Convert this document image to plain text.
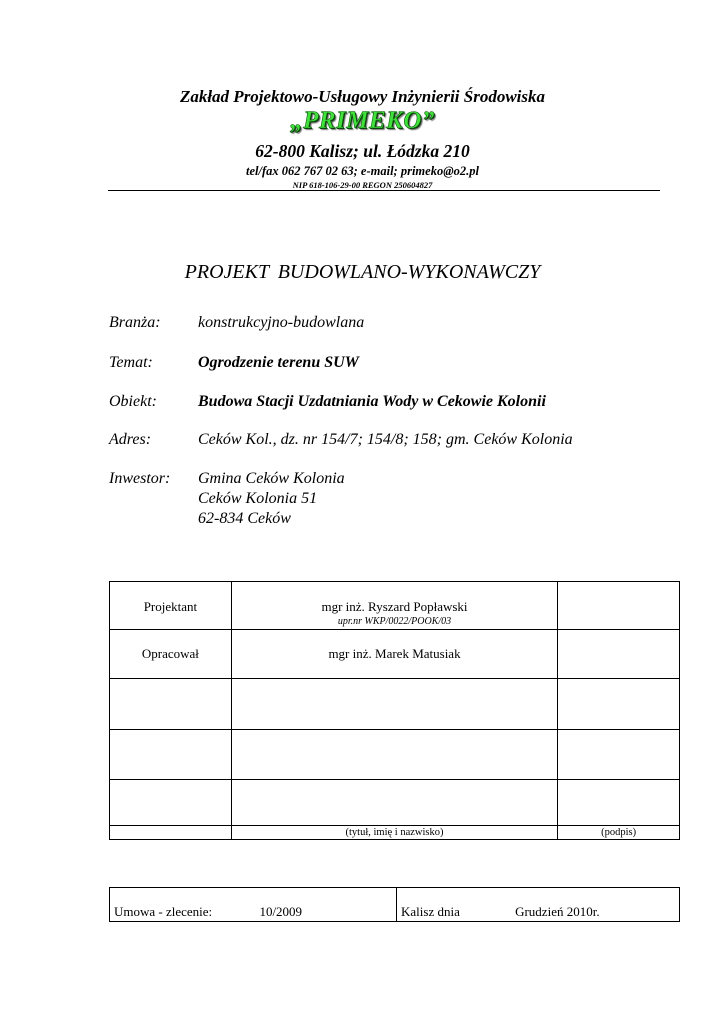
Zakład Projektowo-Usługowy Inżynierii Środowiska
„PRIMEKO”
62-800 Kalisz; ul. Łódzka 210
tel/fax 062 767 02 63; e-mail; primeko@o2.pl
NIP 618-106-29-00 REGON 250604827
PROJEKT BUDOWLANO-WYKONAWCZY
Branża: konstrukcyjno-budowlana
Temat:	Ogrodzenie terenu SUW
Obiekt:	Budowa Stacji Uzdatniania Wody w Cekowie Kolonii
Adres:	Ceków Kol., dz. nr 154/7; 154/8; 158; gm. Ceków Kolonia
Inwestor: Gmina Ceków Kolonia
Ceków Kolonia 51
62-834 Ceków
Projektant	mgr inż. Ryszard Popławski
upr.nr WKP/0022/POOK/03	

Opracował	mgr inż. Marek Matusiak	

	(tytuł, imię i nazwisko)	(podpis)
Umowa - zlecenie:	10/2009	Kalisz dnia	Grudzień 2010r.
